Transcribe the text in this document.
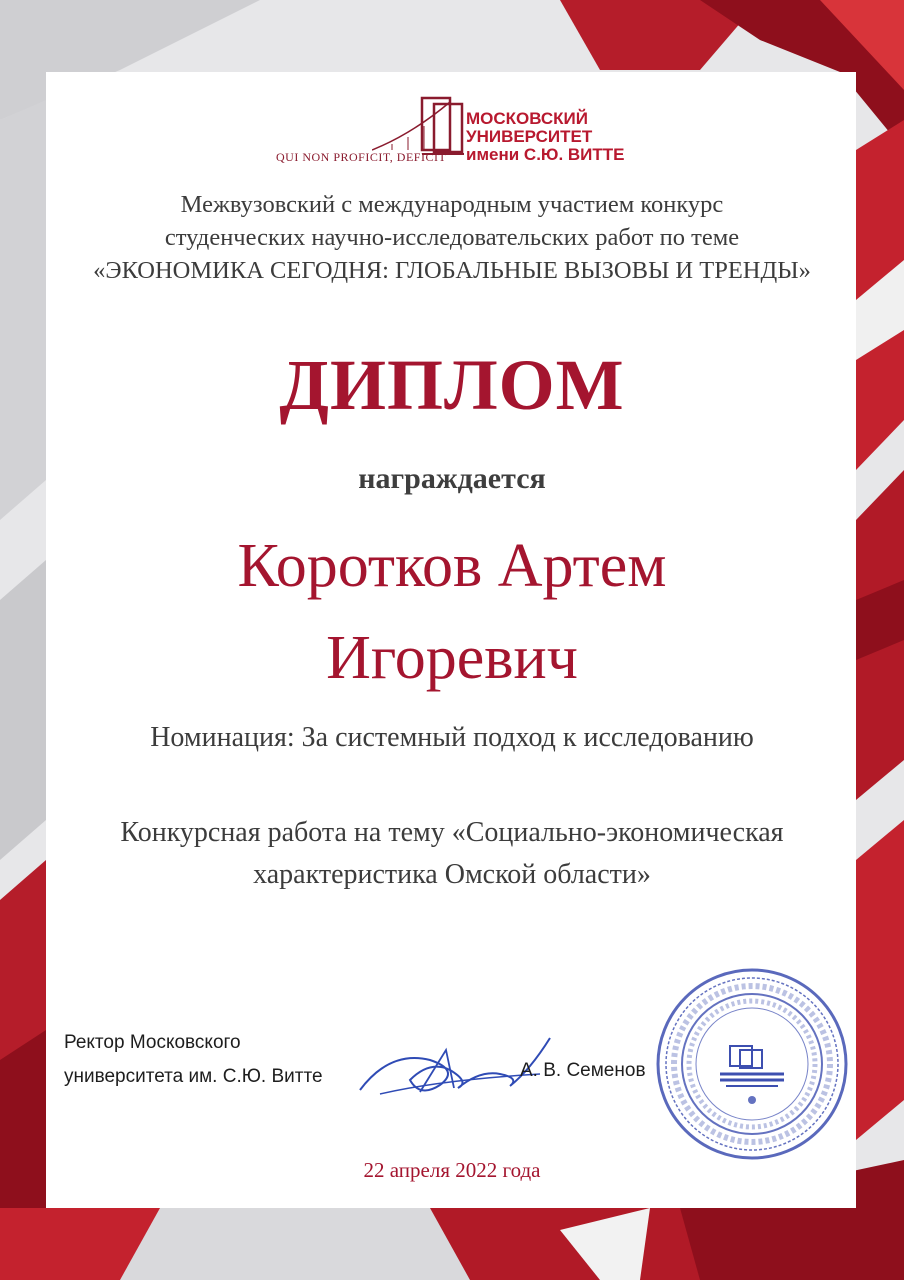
QUI NON PROFICIT, DEFICIT
МОСКОВСКИЙ
УНИВЕРСИТЕТ
имени С.Ю. ВИТТЕ
Межвузовский с международным участием конкурс
студенческих научно-исследовательских работ по теме
«ЭКОНОМИКА СЕГОДНЯ: ГЛОБАЛЬНЫЕ ВЫЗОВЫ И ТРЕНДЫ»
ДИПЛОМ
награждается
Коротков Артем
Игоревич
Номинация: За системный подход к исследованию
Конкурсная работа на тему «Социально-экономическая
характеристика Омской области»
Ректор Московского
университета им. С.Ю. Витте	А. В. Семенов
22 апреля 2022 года
